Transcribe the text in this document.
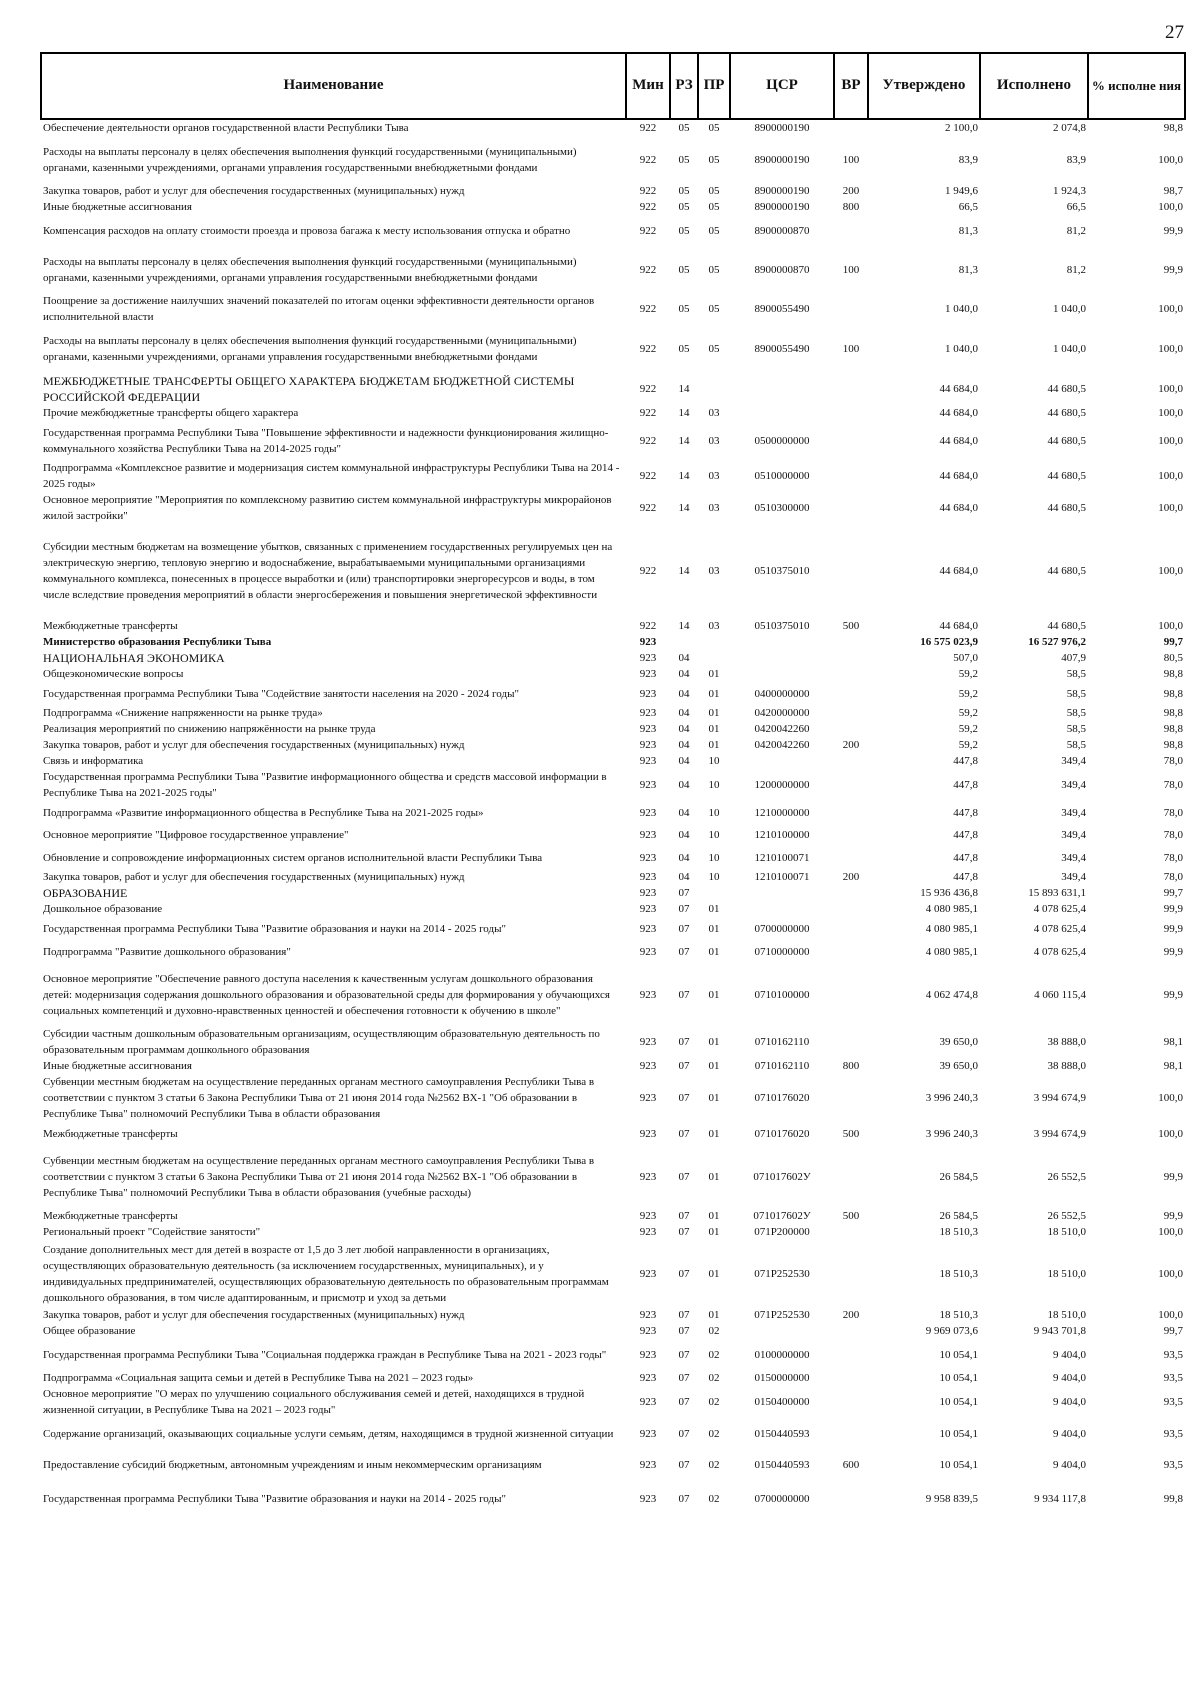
27
Наименование	Мин	РЗ	ПР	ЦСР	ВР	Утверждено	Исполнено	% исполне ния
Обеспечение деятельности органов государственной власти Республики Тыва	922	05	05	8900000190		2 100,0	2 074,8	98,8
Расходы на выплаты персоналу в целях обеспечения выполнения функций государственными (муниципальными) органами, казенными учреждениями, органами управления государственными внебюджетными фондами	922	05	05	8900000190	100	83,9	83,9	100,0
Закупка товаров, работ и услуг для обеспечения государственных (муниципальных) нужд	922	05	05	8900000190	200	1 949,6	1 924,3	98,7
Иные бюджетные ассигнования	922	05	05	8900000190	800	66,5	66,5	100,0
Компенсация расходов на оплату стоимости проезда и провоза багажа к месту использования отпуска и обратно	922	05	05	8900000870		81,3	81,2	99,9
Расходы на выплаты персоналу в целях обеспечения выполнения функций государственными (муниципальными) органами, казенными учреждениями, органами управления государственными внебюджетными фондами	922	05	05	8900000870	100	81,3	81,2	99,9
Поощрение за достижение наилучших значений показателей по итогам оценки эффективности деятельности органов исполнительной власти	922	05	05	8900055490		1 040,0	1 040,0	100,0
Расходы на выплаты персоналу в целях обеспечения выполнения функций государственными (муниципальными) органами, казенными учреждениями, органами управления государственными внебюджетными фондами	922	05	05	8900055490	100	1 040,0	1 040,0	100,0
МЕЖБЮДЖЕТНЫЕ ТРАНСФЕРТЫ ОБЩЕГО ХАРАКТЕРА БЮДЖЕТАМ БЮДЖЕТНОЙ СИСТЕМЫ РОССИЙСКОЙ ФЕДЕРАЦИИ	922	14				44 684,0	44 680,5	100,0
Прочие межбюджетные трансферты общего характера	922	14	03			44 684,0	44 680,5	100,0
Государственная программа Республики Тыва "Повышение эффективности и надежности функционирования жилищно-коммунального хозяйства Республики Тыва на 2014-2025 годы"	922	14	03	0500000000		44 684,0	44 680,5	100,0
Подпрограмма «Комплексное развитие и модернизация систем коммунальной инфраструктуры Республики Тыва на 2014 - 2025 годы»	922	14	03	0510000000		44 684,0	44 680,5	100,0
Основное мероприятие "Мероприятия по комплексному развитию систем коммунальной инфраструктуры микрорайонов жилой застройки"	922	14	03	0510300000		44 684,0	44 680,5	100,0
Субсидии местным бюджетам на возмещение убытков, связанных с применением государственных регулируемых цен на электрическую энергию, тепловую энергию и водоснабжение, вырабатываемыми муниципальными организациями коммунального комплекса, понесенных в процессе выработки и (или) транспортировки энергоресурсов и воды, в том числе вследствие проведения мероприятий в области энергосбережения и повышения энергетической эффективности	922	14	03	0510375010		44 684,0	44 680,5	100,0
Межбюджетные трансферты	922	14	03	0510375010	500	44 684,0	44 680,5	100,0
Министерство образования Республики Тыва	923					16 575 023,9	16 527 976,2	99,7
НАЦИОНАЛЬНАЯ ЭКОНОМИКА	923	04				507,0	407,9	80,5
Общеэкономические вопросы	923	04	01			59,2	58,5	98,8
Государственная программа Республики Тыва "Содействие занятости населения на 2020 - 2024 годы"	923	04	01	0400000000		59,2	58,5	98,8
Подпрограмма «Снижение напряженности на рынке труда»	923	04	01	0420000000		59,2	58,5	98,8
Реализация мероприятий по снижению напряжённости на рынке труда	923	04	01	0420042260		59,2	58,5	98,8
Закупка товаров, работ и услуг для обеспечения государственных (муниципальных) нужд	923	04	01	0420042260	200	59,2	58,5	98,8
Связь и информатика	923	04	10			447,8	349,4	78,0
Государственная программа Республики Тыва "Развитие информационного общества и средств массовой информации в Республике Тыва на 2021-2025 годы"	923	04	10	1200000000		447,8	349,4	78,0
Подпрограмма «Развитие информационного общества в Республике Тыва на 2021-2025 годы»	923	04	10	1210000000		447,8	349,4	78,0
Основное мероприятие "Цифровое государственное управление"	923	04	10	1210100000		447,8	349,4	78,0
Обновление и сопровождение информационных систем органов исполнительной власти Республики Тыва	923	04	10	1210100071		447,8	349,4	78,0
Закупка товаров, работ и услуг для обеспечения государственных (муниципальных) нужд	923	04	10	1210100071	200	447,8	349,4	78,0
ОБРАЗОВАНИЕ	923	07				15 936 436,8	15 893 631,1	99,7
Дошкольное образование	923	07	01			4 080 985,1	4 078 625,4	99,9
Государственная программа Республики Тыва "Развитие образования и науки на 2014 - 2025 годы"	923	07	01	0700000000		4 080 985,1	4 078 625,4	99,9
Подпрограмма "Развитие дошкольного образования"	923	07	01	0710000000		4 080 985,1	4 078 625,4	99,9
Основное мероприятие "Обеспечение равного доступа населения к качественным услугам дошкольного образования детей: модернизация содержания дошкольного образования и образовательной среды для формирования у обучающихся социальных компетенций и духовно-нравственных ценностей и обеспечения готовности к обучению в школе"	923	07	01	0710100000		4 062 474,8	4 060 115,4	99,9
Субсидии частным дошкольным образовательным организациям, осуществляющим образовательную деятельность по образовательным программам дошкольного образования	923	07	01	0710162110		39 650,0	38 888,0	98,1
Иные бюджетные ассигнования	923	07	01	0710162110	800	39 650,0	38 888,0	98,1
Субвенции местным бюджетам на осуществление переданных органам местного самоуправления Республики Тыва в соответствии с пунктом 3 статьи 6 Закона Республики Тыва от 21 июня 2014 года №2562 ВХ-1 "Об образовании в Республике Тыва" полномочий Республики Тыва в области образования	923	07	01	0710176020		3 996 240,3	3 994 674,9	100,0
Межбюджетные трансферты	923	07	01	0710176020	500	3 996 240,3	3 994 674,9	100,0
Субвенции местным бюджетам на осуществление переданных органам местного самоуправления Республики Тыва в соответствии с пунктом 3 статьи 6 Закона Республики Тыва от 21 июня 2014 года №2562 ВХ-1 "Об образовании в Республике Тыва" полномочий Республики Тыва в области образования (учебные расходы)	923	07	01	071017602У		26 584,5	26 552,5	99,9
Межбюджетные трансферты	923	07	01	071017602У	500	26 584,5	26 552,5	99,9
Региональный проект "Содействие занятости"	923	07	01	071P200000		18 510,3	18 510,0	100,0
Создание дополнительных мест для детей в возрасте от 1,5 до 3 лет любой направленности в организациях, осуществляющих образовательную деятельность (за исключением государственных, муниципальных), и у индивидуальных предпринимателей, осуществляющих образовательную деятельность по образовательным программам дошкольного образования, в том числе адаптированным, и присмотр и уход за детьми	923	07	01	071P252530		18 510,3	18 510,0	100,0
Закупка товаров, работ и услуг для обеспечения государственных (муниципальных) нужд	923	07	01	071P252530	200	18 510,3	18 510,0	100,0
Общее образование	923	07	02			9 969 073,6	9 943 701,8	99,7
Государственная программа Республики Тыва "Социальная поддержка граждан в Республике Тыва на 2021 - 2023 годы"	923	07	02	0100000000		10 054,1	9 404,0	93,5
Подпрограмма «Социальная защита семьи и детей в Республике Тыва на 2021 – 2023 годы»	923	07	02	0150000000		10 054,1	9 404,0	93,5
Основное мероприятие "О мерах по улучшению социального обслуживания семей и детей, находящихся в трудной жизненной ситуации, в Республике Тыва на 2021 – 2023 годы"	923	07	02	0150400000		10 054,1	9 404,0	93,5
Содержание организаций, оказывающих социальные услуги семьям, детям, находящимся в трудной жизненной ситуации	923	07	02	0150440593		10 054,1	9 404,0	93,5
Предоставление субсидий бюджетным, автономным учреждениям и иным некоммерческим организациям	923	07	02	0150440593	600	10 054,1	9 404,0	93,5
Государственная программа Республики Тыва "Развитие образования и науки на 2014 - 2025 годы"	923	07	02	0700000000		9 958 839,5	9 934 117,8	99,8
